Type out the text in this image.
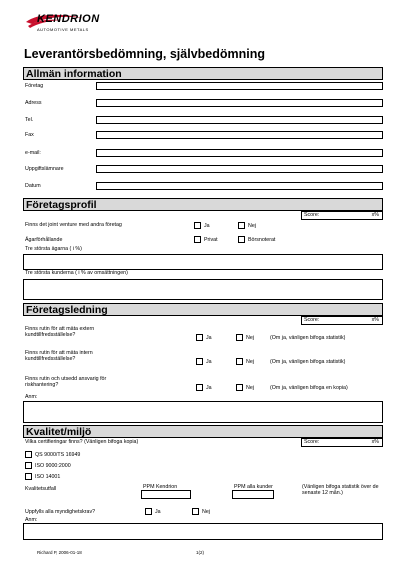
KENDRION
AUTOMOTIVE METALS
Leverantörsbedömning, självbedömning
Allmän information
Företag
Adress
Tel.
Fax
e-mail:
Uppgiftslämnare
Datum
Företagsprofil
Score:	x%
Finns det joint venture med andra företag	Ja	Nej
Ägarförhållande	Privat	Börsnoterat
Tre största ägarna ( i %)
Tre största kunderna ( i % av omsättningen)
Företagsledning
Score:	x%
Finns rutin för att mäta extern kundtillfredsställelse?	Ja	Nej	(Om ja, vänligen bifoga statistik)
Finns rutin för att mäta intern kundtillfredsställelse?	Ja	Nej	(Om ja, vänligen bifoga statistik)
Finns rutin och utsedd ansvarig för riskhantering?	Ja	Nej	(Om ja, vänligen bifoga en kopia)
Anm:
Kvalitet/miljö
Vilka certifieringar finns? (Vänligen bifoga kopia)	Score:	x%
QS 9000/TS 16949
ISO 9000:2000
ISO 14001
Kvalitetsutfall	PPM Kendrion	PPM alla kunder	(Vänligen bifoga statistik över de senaste 12 mån.)
Uppfylls alla myndighetskrav?	Ja	Nej
Anm:
Richard P, 2006-01-18	1(2)
